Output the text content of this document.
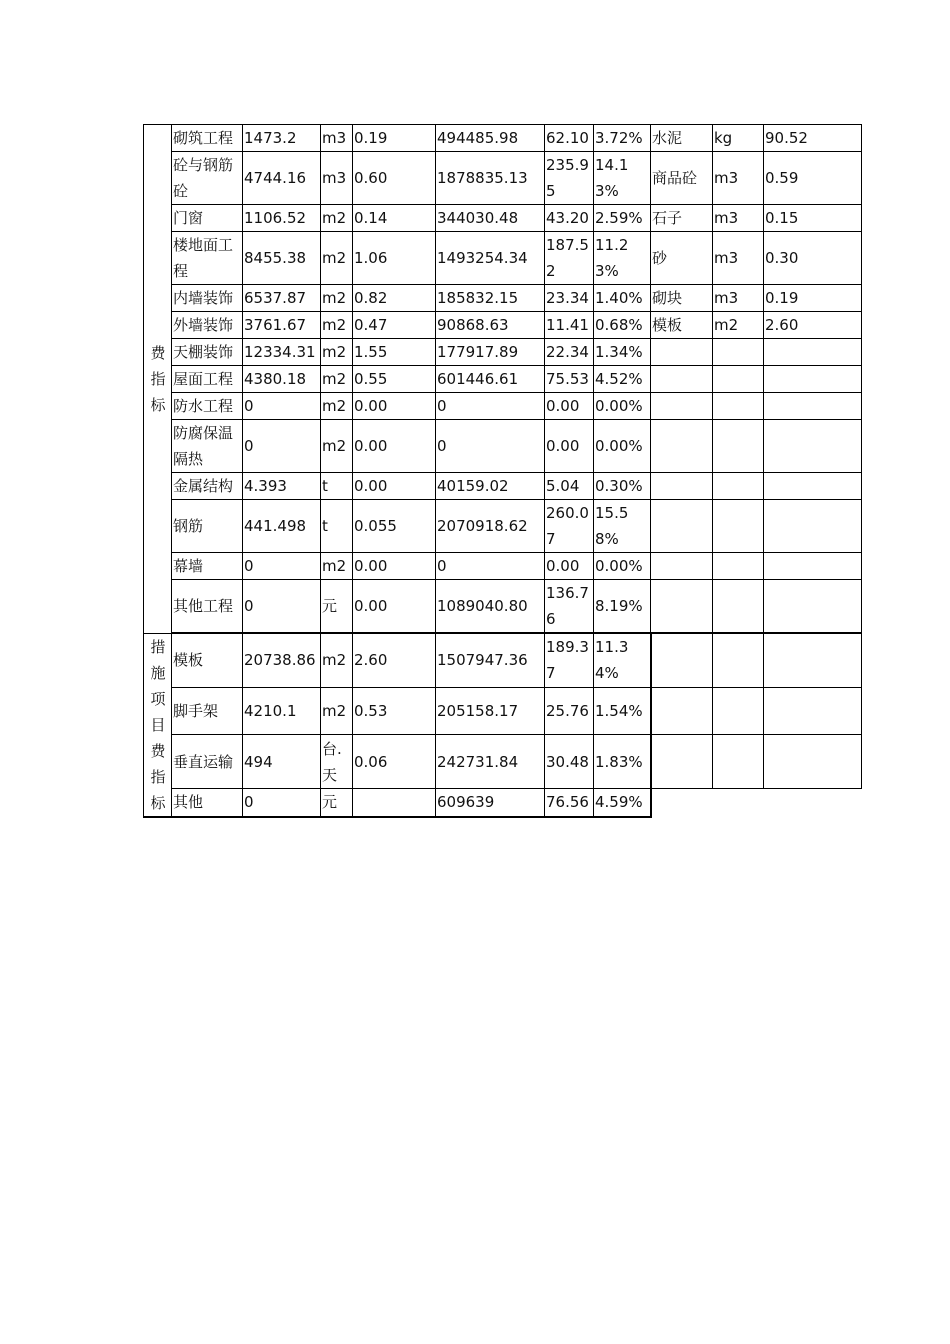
费指标	砌筑工程	1473.2	m3	0.19	494485.98	62.10	3.72%	水泥	kg	90.52
	砼与钢筋砼	4744.16	m3	0.60	1878835.13	235.95	14.13%	商品砼	m3	0.59
	门窗	1106.52	m2	0.14	344030.48	43.20	2.59%	石子	m3	0.15
	楼地面工程	8455.38	m2	1.06	1493254.34	187.52	11.23%	砂	m3	0.30
	内墙装饰	6537.87	m2	0.82	185832.15	23.34	1.40%	砌块	m3	0.19
	外墙装饰	3761.67	m2	0.47	90868.63	11.41	0.68%	模板	m2	2.60
	天棚装饰	12334.31	m2	1.55	177917.89	22.34	1.34%			
	屋面工程	4380.18	m2	0.55	601446.61	75.53	4.52%			
	防水工程	0	m2	0.00	0	0.00	0.00%			
	防腐保温隔热	0	m2	0.00	0	0.00	0.00%			
	金属结构	4.393	t	0.00	40159.02	5.04	0.30%			
	钢筋	441.498	t	0.055	2070918.62	260.07	15.58%			
	幕墙	0	m2	0.00	0	0.00	0.00%			
	其他工程	0	元	0.00	1089040.80	136.76	8.19%			

措施项目费指标	模板	20738.86	m2	2.60	1507947.36	189.37	11.34%			
	脚手架	4210.1	m2	0.53	205158.17	25.76	1.54%			
	垂直运输	494	台.天	0.06	242731.84	30.48	1.83%			
	其他	0	元		609639	76.56	4.59%			
